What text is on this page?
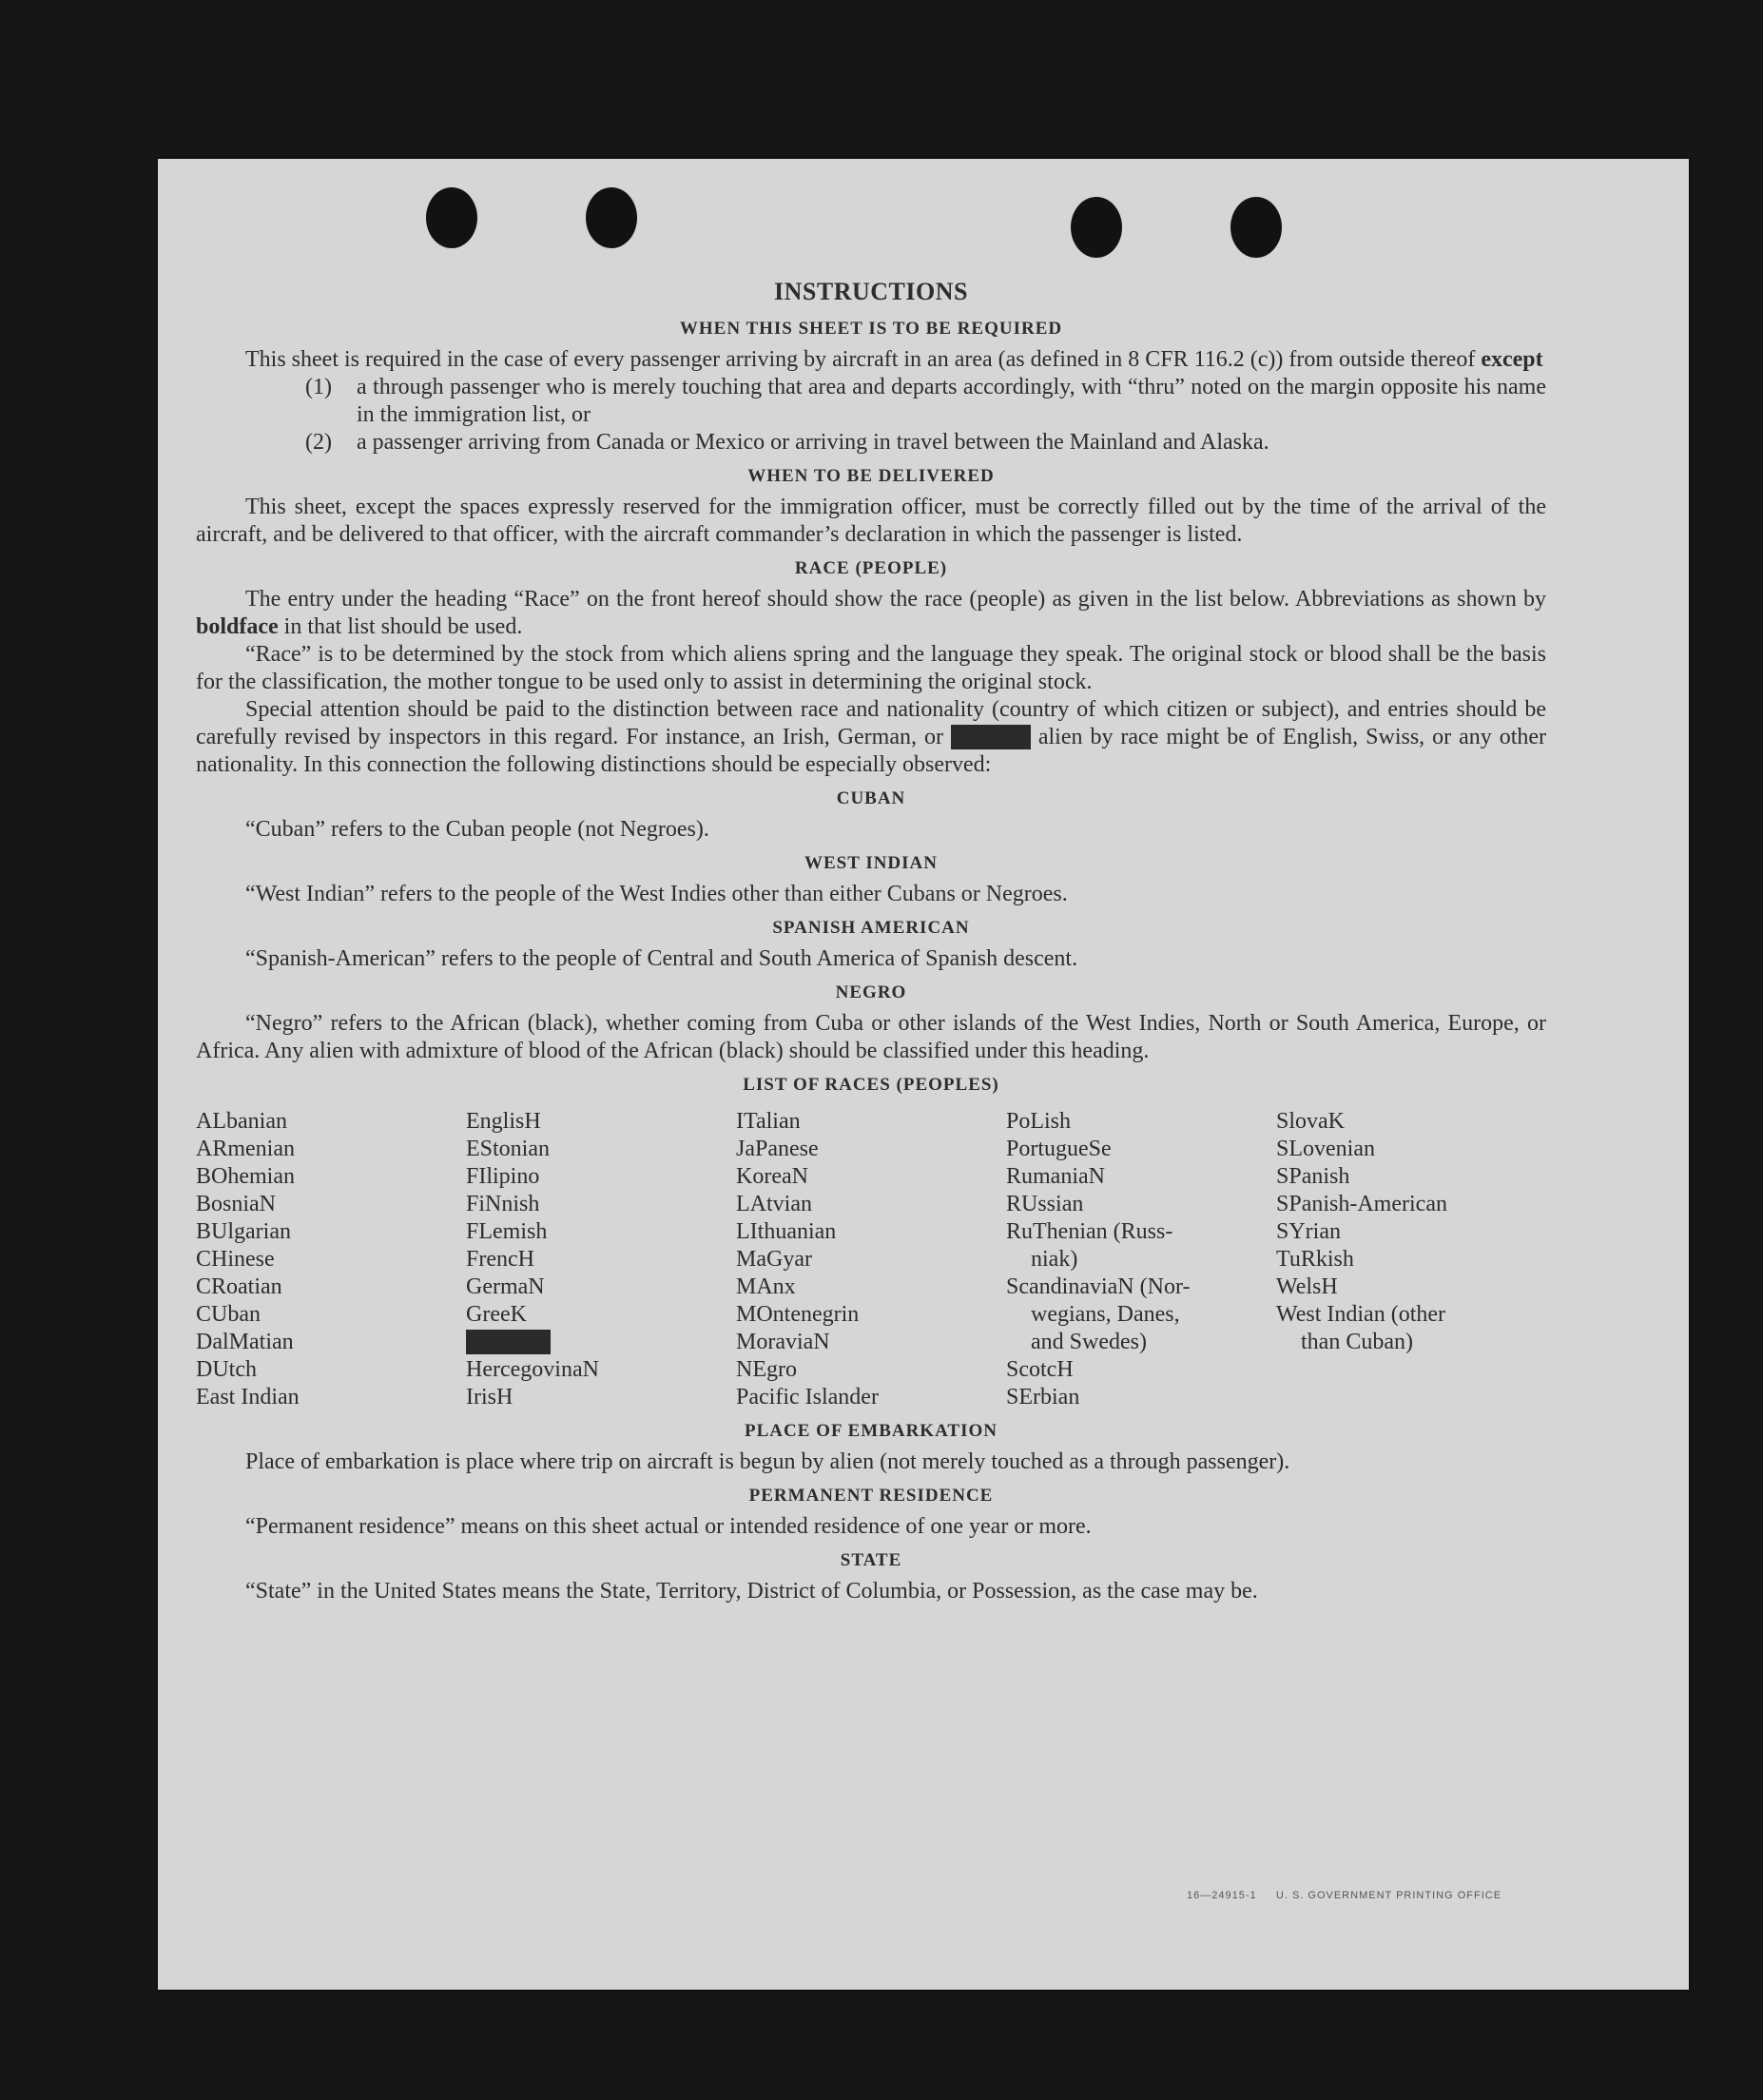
INSTRUCTIONS
WHEN THIS SHEET IS TO BE REQUIRED

This sheet is required in the case of every passenger arriving by aircraft in an area (as defined in 8 CFR 116.2 (c)) from outside thereof except

(1)	a through passenger who is merely touching that area and departs accordingly, with “thru” noted on the margin opposite his name in the immigration list, or
(2)	a passenger arriving from Canada or Mexico or arriving in travel between the Mainland and Alaska.
WHEN TO BE DELIVERED

This sheet, except the spaces expressly reserved for the immigration officer, must be correctly filled out by the time of the arrival of the aircraft, and be delivered to that officer, with the aircraft commander’s declaration in which the passenger is listed.

RACE (PEOPLE)

The entry under the heading “Race” on the front hereof should show the race (people) as given in the list below. Abbreviations as shown by boldface in that list should be used.

“Race” is to be determined by the stock from which aliens spring and the language they speak. The original stock or blood shall be the basis for the classification, the mother tongue to be used only to assist in determining the original stock.

Special attention should be paid to the distinction between race and nationality (country of which citizen or subject), and entries should be carefully revised by inspectors in this regard. For instance, an Irish, German, or Hebrew alien by race might be of English, Swiss, or any other nationality. In this connection the following distinctions should be especially observed:

CUBAN

“Cuban” refers to the Cuban people (not Negroes).

WEST INDIAN

“West Indian” refers to the people of the West Indies other than either Cubans or Negroes.

SPANISH AMERICAN

“Spanish-American” refers to the people of Central and South America of Spanish descent.

NEGRO

“Negro” refers to the African (black), whether coming from Cuba or other islands of the West Indies, North or South America, Europe, or Africa. Any alien with admixture of blood of the African (black) should be classified under this heading.

LIST OF RACES (PEOPLES)
ALbanian
ARmenian
BOhemian
BosniaN
BUlgarian
CHinese
CRoatian
CUban
DalMatian
DUtch
East Indian
EnglisH
EStonian
FIlipino
FiNnish
FLemish
FrencH
GermaN
GreeK
HebreW
HercegovinaN
IrisH
ITalian
JaPanese
KoreaN
LAtvian
LIthuanian
MaGyar
MAnx
MOntenegrin
MoraviaN
NEgro
Pacific Islander
PoLish
PortugueSe
RumaniaN
RUssian
RuThenian (Russ-
niak)
ScandinaviaN (Nor-
wegians, Danes,
and Swedes)
ScotcH
SErbian
SlovaK
SLovenian
SPanish
SPanish-American
SYrian
TuRkish
WelsH
West Indian (other
than Cuban)
PLACE OF EMBARKATION

Place of embarkation is place where trip on aircraft is begun by alien (not merely touched as a through passenger).

PERMANENT RESIDENCE

“Permanent residence” means on this sheet actual or intended residence of one year or more.

STATE

“State” in the United States means the State, Territory, District of Columbia, or Possession, as the case may be.

16—24915-1 U. S. GOVERNMENT PRINTING OFFICE
